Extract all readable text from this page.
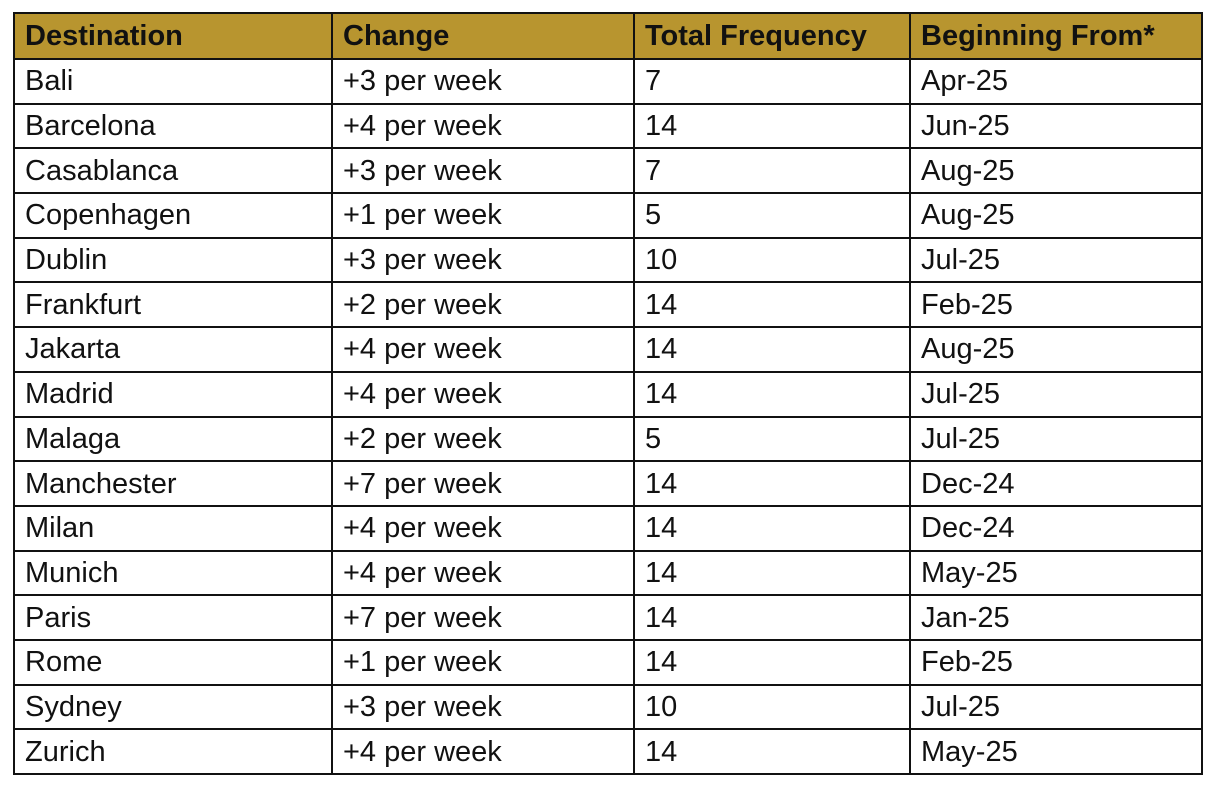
Destination	Change	Total Frequency	Beginning From*
Bali	+3 per week	7	Apr-25
Barcelona	+4 per week	14	Jun-25
Casablanca	+3 per week	7	Aug-25
Copenhagen	+1 per week	5	Aug-25
Dublin	+3 per week	10	Jul-25
Frankfurt	+2 per week	14	Feb-25
Jakarta	+4 per week	14	Aug-25
Madrid	+4 per week	14	Jul-25
Malaga	+2 per week	5	Jul-25
Manchester	+7 per week	14	Dec-24
Milan	+4 per week	14	Dec-24
Munich	+4 per week	14	May-25
Paris	+7 per week	14	Jan-25
Rome	+1 per week	14	Feb-25
Sydney	+3 per week	10	Jul-25
Zurich	+4 per week	14	May-25
